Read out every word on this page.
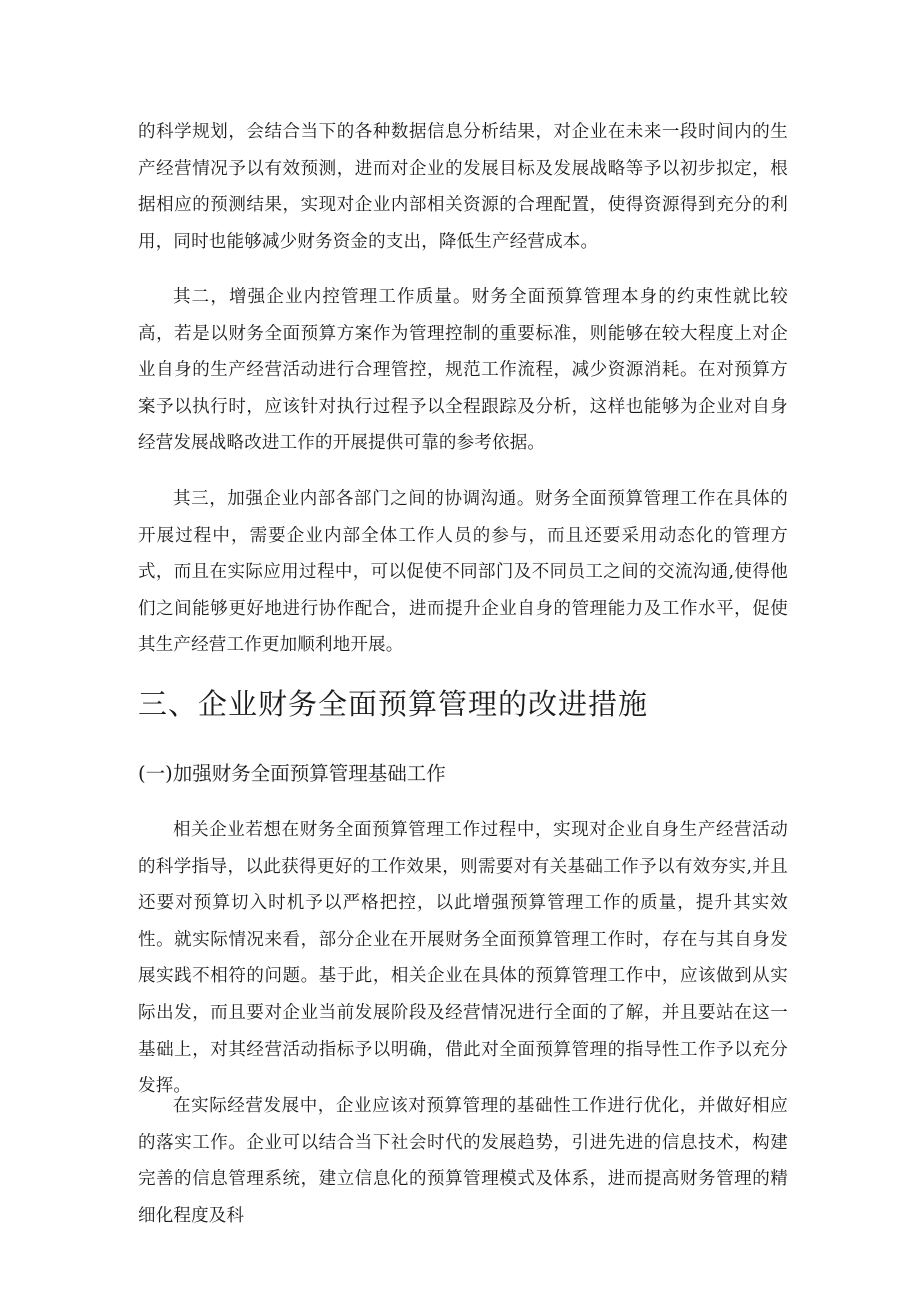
的科学规划，会结合当下的各种数据信息分析结果，对企业在未来一段时间内的生产经营情况予以有效预测，进而对企业的发展目标及发展战略等予以初步拟定，根据相应的预测结果，实现对企业内部相关资源的合理配置，使得资源得到充分的利用，同时也能够减少财务资金的支出，降低生产经营成本。

其二，增强企业内控管理工作质量。财务全面预算管理本身的约束性就比较高，若是以财务全面预算方案作为管理控制的重要标准，则能够在较大程度上对企业自身的生产经营活动进行合理管控，规范工作流程，减少资源消耗。在对预算方案予以执行时，应该针对执行过程予以全程跟踪及分析，这样也能够为企业对自身经营发展战略改进工作的开展提供可靠的参考依据。

其三，加强企业内部各部门之间的协调沟通。财务全面预算管理工作在具体的开展过程中，需要企业内部全体工作人员的参与，而且还要采用动态化的管理方式，而且在实际应用过程中，可以促使不同部门及不同员工之间的交流沟通,使得他们之间能够更好地进行协作配合，进而提升企业自身的管理能力及工作水平，促使其生产经营工作更加顺利地开展。

三、企业财务全面预算管理的改进措施
(一)加强财务全面预算管理基础工作

相关企业若想在财务全面预算管理工作过程中，实现对企业自身生产经营活动的科学指导，以此获得更好的工作效果，则需要对有关基础工作予以有效夯实,并且还要对预算切入时机予以严格把控，以此增强预算管理工作的质量，提升其实效性。就实际情况来看，部分企业在开展财务全面预算管理工作时，存在与其自身发展实践不相符的问题。基于此，相关企业在具体的预算管理工作中，应该做到从实际出发，而且要对企业当前发展阶段及经营情况进行全面的了解，并且要站在这一基础上，对其经营活动指标予以明确，借此对全面预算管理的指导性工作予以充分发挥。

在实际经营发展中，企业应该对预算管理的基础性工作进行优化，并做好相应的落实工作。企业可以结合当下社会时代的发展趋势，引进先进的信息技术，构建完善的信息管理系统，建立信息化的预算管理模式及体系，进而提高财务管理的精细化程度及科
